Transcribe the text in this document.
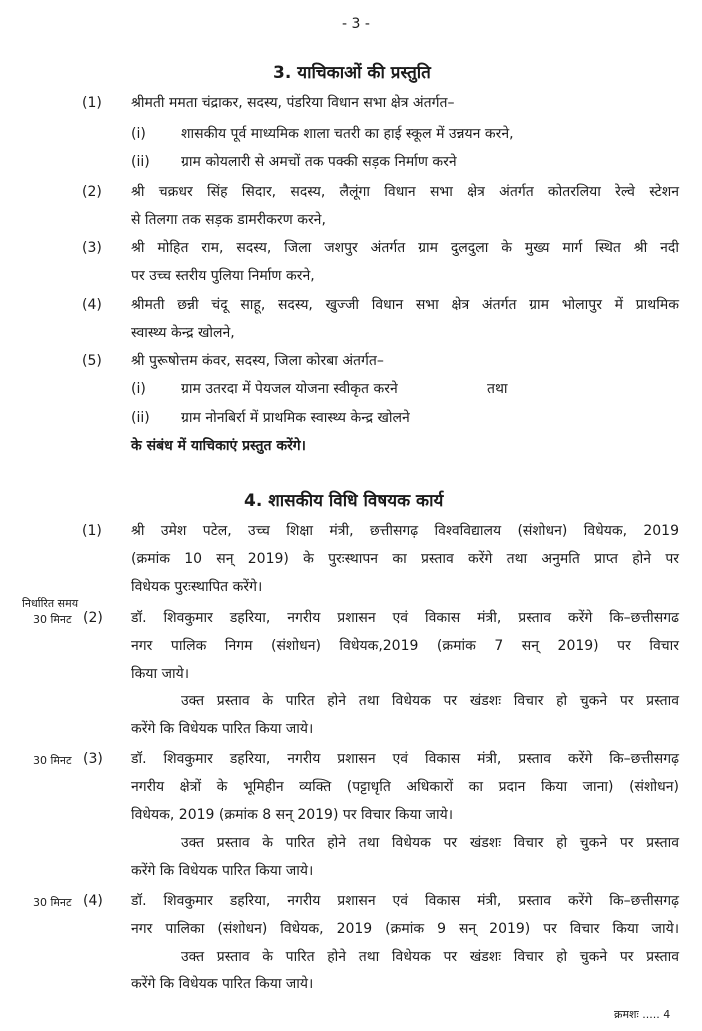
- 3 -
3. याचिकाओं की प्रस्तुति
(1) श्रीमती ममता चंद्राकर, सदस्य, पंडरिया विधान सभा क्षेत्र अंतर्गत–
(i)	शासकीय पूर्व माध्यमिक शाला चतरी का हाई स्कूल में उन्नयन करने,
(ii) ग्राम कोयलारी से अमचों तक पक्की सड़क निर्माण करने
(2) श्री चक्रधर सिंह सिदार, सदस्य, लैलूंगा विधान सभा क्षेत्र अंतर्गत कोतरलिया रेल्वे स्टेशन
से तिलगा तक सड़क डामरीकरण करने,
(3) श्री मोहित राम, सदस्य, जिला जशपुर अंतर्गत ग्राम दुलदुला के मुख्य मार्ग स्थित श्री नदी
पर उच्च स्तरीय पुलिया निर्माण करने,
(4) श्रीमती छन्नी चंदू साहू, सदस्य, खुज्जी विधान सभा क्षेत्र अंतर्गत ग्राम भोलापुर में प्राथमिक
स्वास्थ्य केन्द्र खोलने,
(5) श्री पुरूषोत्तम कंवर, सदस्य, जिला कोरबा अंतर्गत–
(i)	ग्राम उतरदा में पेयजल योजना स्वीकृत करने	तथा
(ii) ग्राम नोनबिर्रा में प्राथमिक स्वास्थ्य केन्द्र खोलने
के संबंध में याचिकाएं प्रस्तुत करेंगे।
4. शासकीय विधि विषयक कार्य
(1) श्री उमेश पटेल, उच्च शिक्षा मंत्री, छत्तीसगढ़ विश्वविद्यालय (संशोधन) विधेयक, 2019
(क्रमांक 10 सन् 2019) के पुरःस्थापन का प्रस्ताव करेंगे तथा अनुमति प्राप्त होने पर
विधेयक पुरःस्थापित करेंगे।
निर्धारित समय
30 मिनट (2) डॉ. शिवकुमार डहरिया, नगरीय प्रशासन एवं विकास मंत्री, प्रस्ताव करेंगे कि–छत्तीसगढ
नगर पालिक निगम (संशोधन) विधेयक,2019 (क्रमांक 7 सन् 2019) पर विचार
किया जाये।
उक्त प्रस्ताव के पारित होने तथा विधेयक पर खंडशः विचार हो चुकने पर प्रस्ताव
करेंगे कि विधेयक पारित किया जाये।
30 मिनट (3) डॉ. शिवकुमार डहरिया, नगरीय प्रशासन एवं विकास मंत्री, प्रस्ताव करेंगे कि–छत्तीसगढ़
नगरीय क्षेत्रों के भूमिहीन व्यक्ति (पट्टाधृति अधिकारों का प्रदान किया जाना) (संशोधन)
विधेयक, 2019 (क्रमांक 8 सन् 2019) पर विचार किया जाये।
उक्त प्रस्ताव के पारित होने तथा विधेयक पर खंडशः विचार हो चुकने पर प्रस्ताव
करेंगे कि विधेयक पारित किया जाये।
30 मिनट (4) डॉ. शिवकुमार डहरिया, नगरीय प्रशासन एवं विकास मंत्री, प्रस्ताव करेंगे कि–छत्तीसगढ़
नगर पालिका (संशोधन) विधेयक, 2019 (क्रमांक 9 सन् 2019) पर विचार किया जाये।
उक्त प्रस्ताव के पारित होने तथा विधेयक पर खंडशः विचार हो चुकने पर प्रस्ताव
करेंगे कि विधेयक पारित किया जाये।
क्रमशः ..... 4
